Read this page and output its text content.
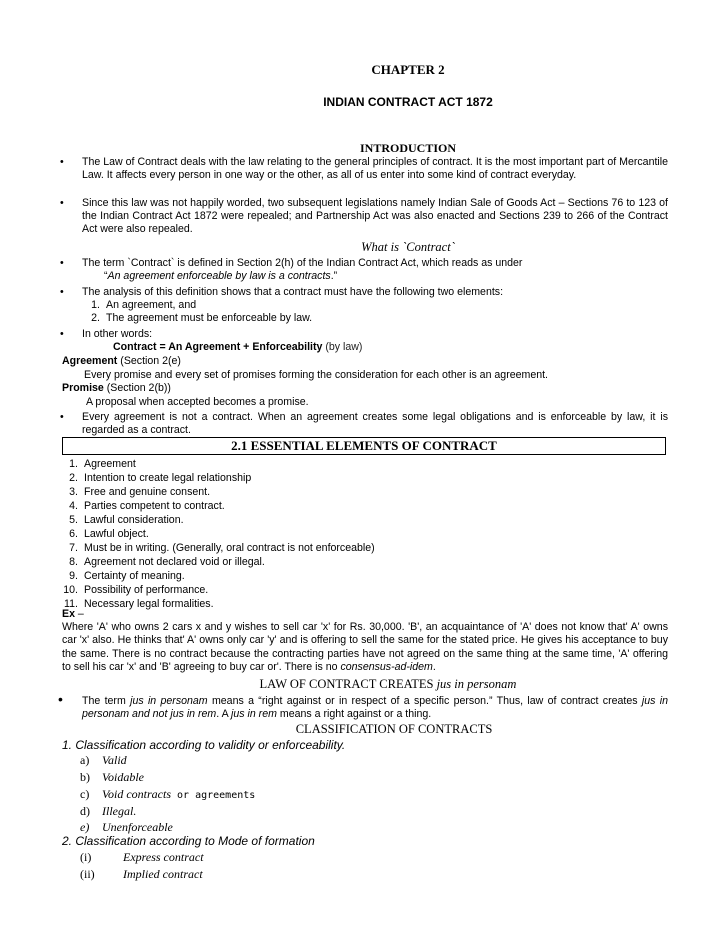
CHAPTER 2
INDIAN CONTRACT ACT 1872
INTRODUCTION
• The Law of Contract deals with the law relating to the general principles of contract. It is the most important part of Mercantile Law. It affects every person in one way or the other, as all of us enter into some kind of contract everyday.
• Since this law was not happily worded, two subsequent legislations namely Indian Sale of Goods Act – Sections 76 to 123 of the Indian Contract Act 1872 were repealed; and Partnership Act was also enacted and Sections 239 to 266 of the Contract Act were also repealed.
What is `Contract`
• The term `Contract` is defined in Section 2(h) of the Indian Contract Act, which reads as under
“An agreement enforceable by law is a contracts.”
• The analysis of this definition shows that a contract must have the following two elements:
1. An agreement, and
2. The agreement must be enforceable by law.
• In other words:
Contract = An Agreement + Enforceability (by law)
Agreement (Section 2(e)
Every promise and every set of promises forming the consideration for each other is an agreement.
Promise (Section 2(b))
A proposal when accepted becomes a promise.
• Every agreement is not a contract. When an agreement creates some legal obligations and is enforceable by law, it is regarded as a contract.
2.1 ESSENTIAL ELEMENTS OF CONTRACT
1. Agreement
2. Intention to create legal relationship
3. Free and genuine consent.
4. Parties competent to contract.
5. Lawful consideration.
6. Lawful object.
7. Must be in writing. (Generally, oral contract is not enforceable)
8. Agreement not declared void or illegal.
9. Certainty of meaning.
10. Possibility of performance.
11. Necessary legal formalities.
Ex –
Where 'A' who owns 2 cars x and y wishes to sell car 'x' for Rs. 30,000. 'B', an acquaintance of 'A' does not know that' A' owns car 'x' also. He thinks that' A' owns only car 'y' and is offering to sell the same for the stated price. He gives his acceptance to buy the same. There is no contract because the contracting parties have not agreed on the same thing at the same time, 'A' offering to sell his car 'x' and 'B' agreeing to buy car or'. There is no consensus-ad-idem.
LAW OF CONTRACT CREATES jus in personam
• The term jus in personam means a “right against or in respect of a specific person.” Thus, law of contract creates jus in personam and not jus in rem. A jus in rem means a right against or a thing.
CLASSIFICATION OF CONTRACTS
1. Classification according to validity or enforceability.
a) Valid
b) Voidable
c) Void contracts or agreements
d) Illegal.
e) Unenforceable
2. Classification according to Mode of formation
(i)	Express contract
(ii) Implied contract
